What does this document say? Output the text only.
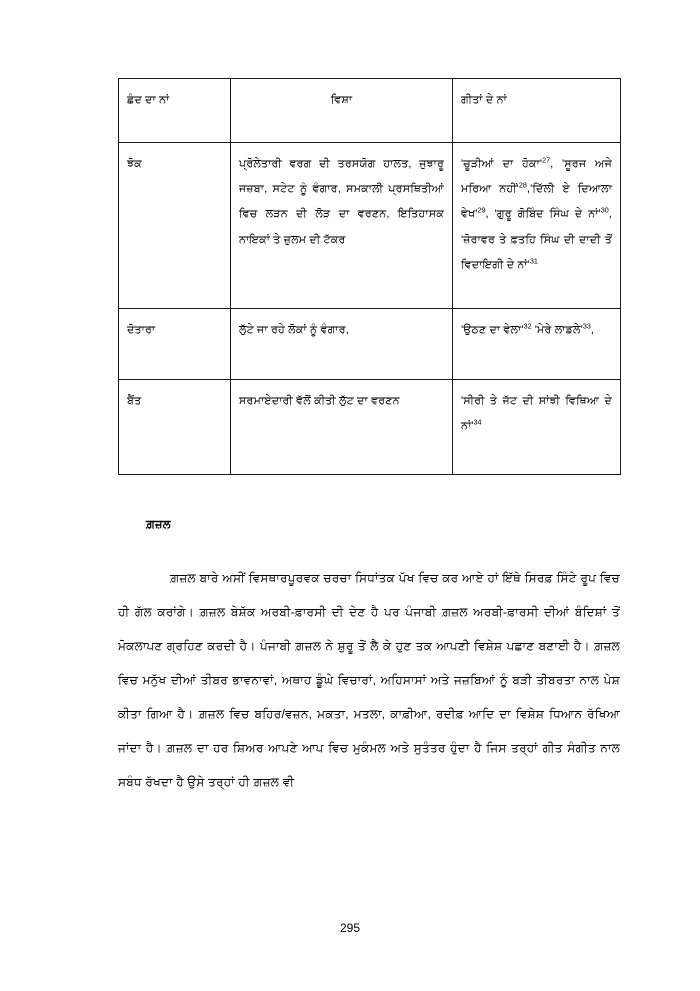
ਛੰਦ ਦਾ ਨਾਂ	ਵਿਸ਼ਾ	ਗੀਤਾਂ ਦੇ ਨਾਂ
ਝੋਕ	ਪ੍ਰੋਲੇਤਾਰੀ ਵਰਗ ਦੀ ਤਰਸਯੋਗ ਹਾਲਤ, ਜੁਝਾਰੂ ਜਜ਼ਬਾ, ਸਟੇਟ ਨੂੰ ਵੰਗਾਰ, ਸਮਕਾਲੀ ਪ੍ਰਸਥਿਤੀਆਂ ਵਿਚ ਲੜਨ ਦੀ ਲੋੜ ਦਾ ਵਰਣਨ, ਇਤਿਹਾਸਕ ਨਾਇਕਾਂ ਤੇ ਜ਼ੁਲਮ ਦੀ ਟੱਕਰ	'ਚੂੜੀਆਂ ਦਾ ਹੋਕਾ'$^{27}$, 'ਸੂਰਜ ਅਜੇ ਮਰਿਆ ਨਹੀਂ'$^{28}$,'ਦਿੱਲੀ ਏ ਦਿਆਲਾ ਵੇਖ'$^{29}$, 'ਗੁਰੂ ਗੋਬਿੰਦ ਸਿੰਘ ਦੇ ਨਾਂ'$^{30}$, 'ਜ਼ੋਰਾਵਰ ਤੇ ਫ਼ਤਹਿ ਸਿੰਘ ਦੀ ਦਾਦੀ ਤੋਂ ਵਿਦਾਇਗੀ ਦੇ ਨਾਂ'$^{31}$
ਦੋਤਾਰਾ	ਲੁੱਟੇ ਜਾ ਰਹੇ ਲੋਕਾਂ ਨੂੰ ਵੰਗਾਰ,	'ਉਠਣ ਦਾ ਵੇਲਾ'$^{32}$ 'ਮੇਰੇ ਲਾਡਲੇ'$^{33}$,
ਬੈਂਤ	ਸਰਮਾਏਦਾਰੀ ਵੱਲੋਂ ਕੀਤੀ ਲੁੱਟ ਦਾ ਵਰਣਨ	'ਸੀਰੀ ਤੇ ਜੱਟ ਦੀ ਸਾਂਝੀ ਵਿਥਿਆ ਦੇ ਨਾਂ'$^{34}$
ਗ਼ਜ਼ਲ
ਗ਼ਜ਼ਲ ਬਾਰੇ ਅਸੀਂ ਵਿਸਥਾਰਪੂਰਵਕ ਚਰਚਾ ਸਿਧਾਂਤਕ ਪੱਖ ਵਿਚ ਕਰ ਆਏ ਹਾਂ ਇੱਥੇ ਸਿਰਫ਼ ਸਿੰਟੇ ਰੂਪ ਵਿਚ ਹੀ ਗੱਲ ਕਰਾਂਗੇ। ਗ਼ਜ਼ਲ ਬੇਸ਼ੱਕ ਅਰਬੀ-ਫ਼ਾਰਸੀ ਦੀ ਦੇਣ ਹੈ ਪਰ ਪੰਜਾਬੀ ਗ਼ਜ਼ਲ ਅਰਬੀ-ਫ਼ਾਰਸੀ ਦੀਆਂ ਬੰਦਿਸ਼ਾਂ ਤੋਂ ਮੋਕਲਾਪਣ ਗ੍ਰਹਿਣ ਕਰਦੀ ਹੈ। ਪੰਜਾਬੀ ਗ਼ਜ਼ਲ ਨੇ ਸ਼ੁਰੂ ਤੋਂ ਲੈ ਕੇ ਹੁਣ ਤਕ ਆਪਣੀ ਵਿਸ਼ੇਸ਼ ਪਛਾਣ ਬਣਾਈ ਹੈ। ਗ਼ਜ਼ਲ ਵਿਚ ਮਨੁੱਖ ਦੀਆਂ ਤੀਬਰ ਭਾਵਨਾਵਾਂ, ਅਥਾਹ ਡੂੰਘੇ ਵਿਚਾਰਾਂ, ਅਹਿਸਾਸਾਂ ਅਤੇ ਜਜ਼ਬਿਆਂ ਨੂੰ ਬੜੀ ਤੀਬਰਤਾ ਨਾਲ ਪੇਸ਼ ਕੀਤਾ ਗਿਆ ਹੈ। ਗ਼ਜ਼ਲ ਵਿਚ ਬਹਿਰ/ਵਜ਼ਨ, ਮਕਤਾ, ਮਤਲਾ, ਕਾਫ਼ੀਆ, ਰਦੀਫ਼ ਆਦਿ ਦਾ ਵਿਸ਼ੇਸ਼ ਧਿਆਨ ਰੱਖਿਆ ਜਾਂਦਾ ਹੈ। ਗ਼ਜ਼ਲ ਦਾ ਹਰ ਸ਼ਿਅਰ ਆਪਣੇ ਆਪ ਵਿਚ ਮੁਕੰਮਲ ਅਤੇ ਸੁਤੰਤਰ ਹੁੰਦਾ ਹੈ ਜਿਸ ਤਰ੍ਹਾਂ ਗੀਤ ਸੰਗੀਤ ਨਾਲ ਸਬੰਧ ਰੱਖਦਾ ਹੈ ਉਸੇ ਤਰ੍ਹਾਂ ਹੀ ਗ਼ਜ਼ਲ ਵੀ
295
